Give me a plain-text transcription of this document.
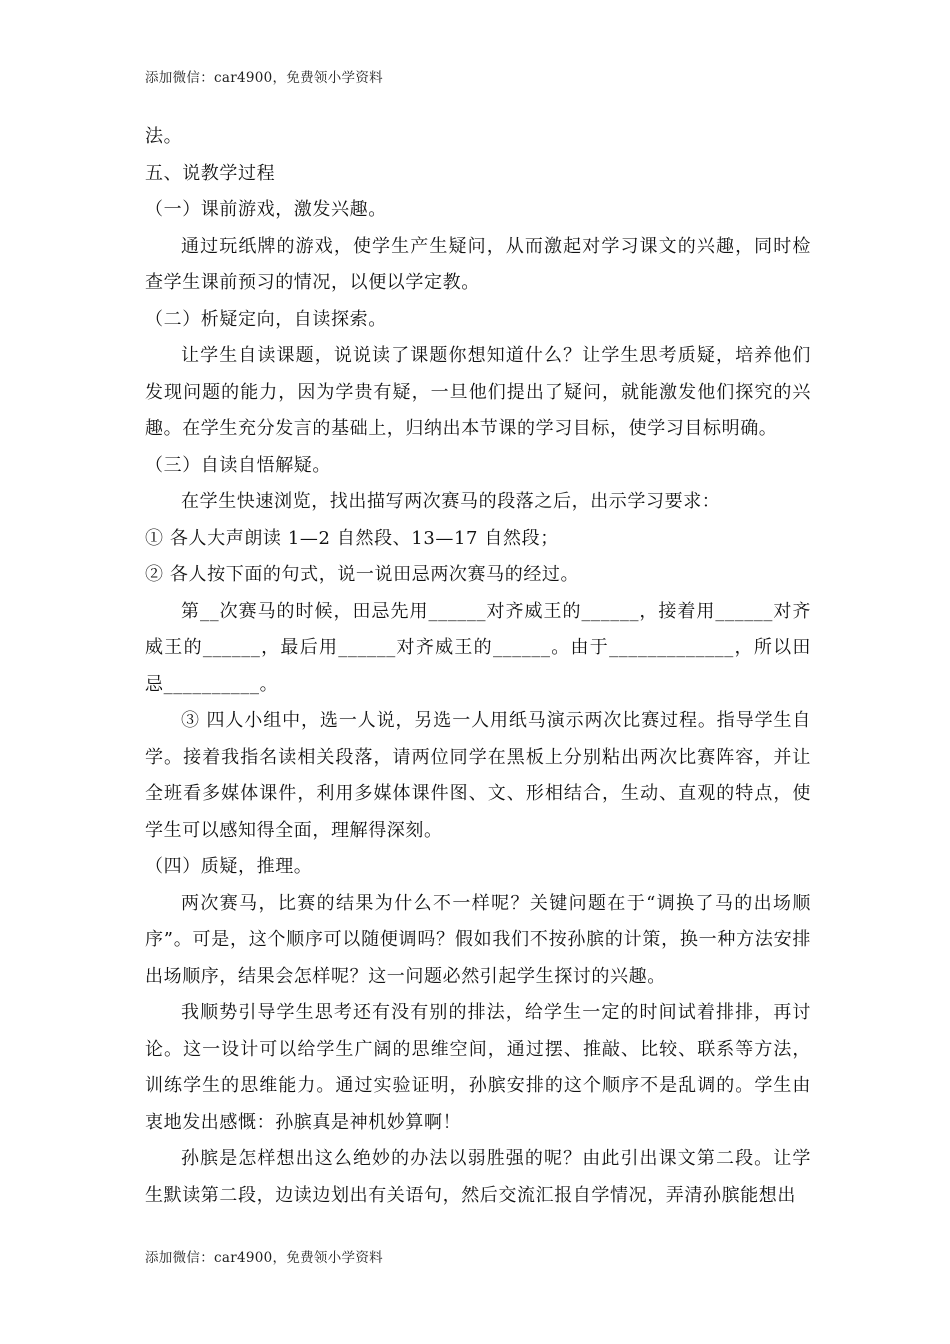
添加微信：car4900，免费领小学资料

法。

五、说教学过程

（一）课前游戏，激发兴趣。

通过玩纸牌的游戏，使学生产生疑问，从而激起对学习课文的兴趣，同时检查学生课前预习的情况，以便以学定教。

（二）析疑定向，自读探索。

让学生自读课题，说说读了课题你想知道什么？让学生思考质疑，培养他们发现问题的能力，因为学贵有疑，一旦他们提出了疑问，就能激发他们探究的兴趣。在学生充分发言的基础上，归纳出本节课的学习目标，使学习目标明确。

（三）自读自悟解疑。

在学生快速浏览，找出描写两次赛马的段落之后，出示学习要求：

① 各人大声朗读 1—2 自然段、13—17 自然段；

② 各人按下面的句式，说一说田忌两次赛马的经过。

第__次赛马的时候，田忌先用______对齐威王的______，接着用______对齐威王的______，最后用______对齐威王的______。由于_____________，所以田忌__________。

③ 四人小组中，选一人说，另选一人用纸马演示两次比赛过程。指导学生自学。接着我指名读相关段落，请两位同学在黑板上分别粘出两次比赛阵容，并让全班看多媒体课件，利用多媒体课件图、文、形相结合，生动、直观的特点，使学生可以感知得全面，理解得深刻。

（四）质疑，推理。

两次赛马，比赛的结果为什么不一样呢？关键问题在于“调换了马的出场顺序”。可是，这个顺序可以随便调吗？假如我们不按孙膑的计策，换一种方法安排出场顺序，结果会怎样呢？这一问题必然引起学生探讨的兴趣。

我顺势引导学生思考还有没有别的排法，给学生一定的时间试着排排，再讨论。这一设计可以给学生广阔的思维空间，通过摆、推敲、比较、联系等方法，训练学生的思维能力。通过实验证明，孙膑安排的这个顺序不是乱调的。学生由衷地发出感慨：孙膑真是神机妙算啊！

孙膑是怎样想出这么绝妙的办法以弱胜强的呢？由此引出课文第二段。让学生默读第二段，边读边划出有关语句，然后交流汇报自学情况，弄清孙膑能想出

添加微信：car4900，免费领小学资料
